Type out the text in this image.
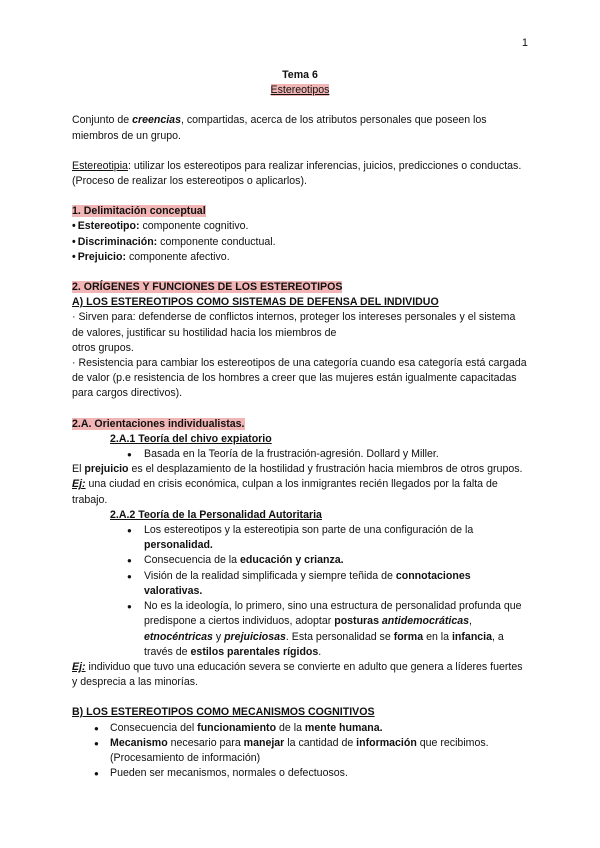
1

Tema 6

Estereotipos

Conjunto de creencias, compartidas, acerca de los atributos personales que poseen los miembros de un grupo.

Estereotipia: utilizar los estereotipos para realizar inferencias, juicios, predicciones o conductas. (Proceso de realizar los estereotipos o aplicarlos).

1. Delimitación conceptual

• Estereotipo: componente cognitivo.

• Discriminación: componente conductual.

• Prejuicio: componente afectivo.

2. ORÍGENES Y FUNCIONES DE LOS ESTEREOTIPOS

A) LOS ESTEREOTIPOS COMO SISTEMAS DE DEFENSA DEL INDIVIDUO

· Sirven para: defenderse de conflictos internos, proteger los intereses personales y el sistema de valores, justificar su hostilidad hacia los miembros de

otros grupos.

· Resistencia para cambiar los estereotipos de una categoría cuando esa categoría está cargada de valor (p.e resistencia de los hombres a creer que las mujeres están igualmente capacitadas para cargos directivos).

2.A. Orientaciones individualistas.

2.A.1 Teoría del chivo expiatorio

● Basada en la Teoría de la frustración-agresión. Dollard y Miller.

El prejuicio es el desplazamiento de la hostilidad y frustración hacia miembros de otros grupos. Ej: una ciudad en crisis económica, culpan a los inmigrantes recién llegados por la falta de trabajo.

2.A.2 Teoría de la Personalidad Autoritaria

● Los estereotipos y la estereotipia son parte de una configuración de la personalidad.
● Consecuencia de la educación y crianza.
● Visión de la realidad simplificada y siempre teñida de connotaciones valorativas.
● No es la ideología, lo primero, sino una estructura de personalidad profunda que predispone a ciertos individuos, adoptar posturas antidemocráticas, etnocéntricas y prejuiciosas. Esta personalidad se forma en la infancia, a través de estilos parentales rígidos.

Ej: individuo que tuvo una educación severa se convierte en adulto que genera a líderes fuertes y desprecia a las minorías.

B) LOS ESTEREOTIPOS COMO MECANISMOS COGNITIVOS

● Consecuencia del funcionamiento de la mente humana.
● Mecanismo necesario para manejar la cantidad de información que recibimos. (Procesamiento de información)
● Pueden ser mecanismos, normales o defectuosos.
